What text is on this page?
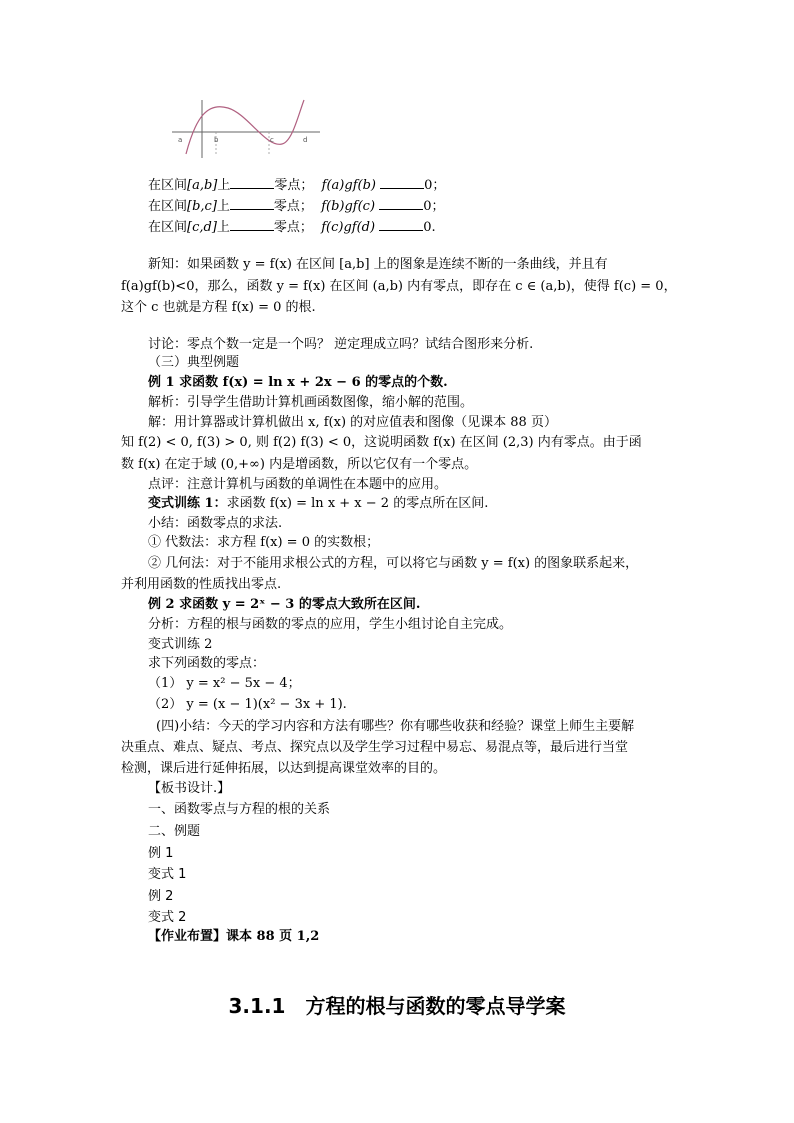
a	b	c	d
在区间[a,b]上	零点； f(a)gf(b)	0；
在区间[b,c]上	零点； f(b)gf(c)	0；
在区间[c,d]上	零点； f(c)gf(d)	0.
新知：如果函数 y = f(x) 在区间 [a,b] 上的图象是连续不断的一条曲线，并且有
f(a)gf(b)<0，那么，函数 y = f(x) 在区间 (a,b) 内有零点，即存在 c ∈ (a,b)，使得 f(c) = 0，
这个 c 也就是方程 f(x) = 0 的根.
讨论：零点个数一定是一个吗？ 逆定理成立吗？试结合图形来分析.
（三）典型例题
例 1 求函数 f(x) = ln x + 2x − 6 的零点的个数.
解析：引导学生借助计算机画函数图像，缩小解的范围。
解：用计算器或计算机做出 x, f(x) 的对应值表和图像（见课本 88 页）
知 f(2) < 0, f(3) > 0, 则 f(2) f(3) < 0，这说明函数 f(x) 在区间 (2,3) 内有零点。由于函
数 f(x) 在定于域 (0,+∞) 内是增函数，所以它仅有一个零点。
点评：注意计算机与函数的单调性在本题中的应用。
变式训练 1：求函数 f(x) = ln x + x − 2 的零点所在区间.
小结：函数零点的求法.
① 代数法：求方程 f(x) = 0 的实数根；
② 几何法：对于不能用求根公式的方程，可以将它与函数 y = f(x) 的图象联系起来，
并利用函数的性质找出零点.
例 2 求函数 y = 2ˣ − 3 的零点大致所在区间.
分析：方程的根与函数的零点的应用，学生小组讨论自主完成。
变式训练 2
求下列函数的零点：
（1） y = x² − 5x − 4；
（2） y = (x − 1)(x² − 3x + 1).
(四)小结：今天的学习内容和方法有哪些？你有哪些收获和经验？课堂上师生主要解
决重点、难点、疑点、考点、探究点以及学生学习过程中易忘、易混点等，最后进行当堂
检测，课后进行延伸拓展，以达到提高课堂效率的目的。
【板书设计.】
一、函数零点与方程的根的关系
二、例题
例 1
变式 1
例 2
变式 2
【作业布置】课本 88 页 1,2
3.1.1　方程的根与函数的零点导学案
